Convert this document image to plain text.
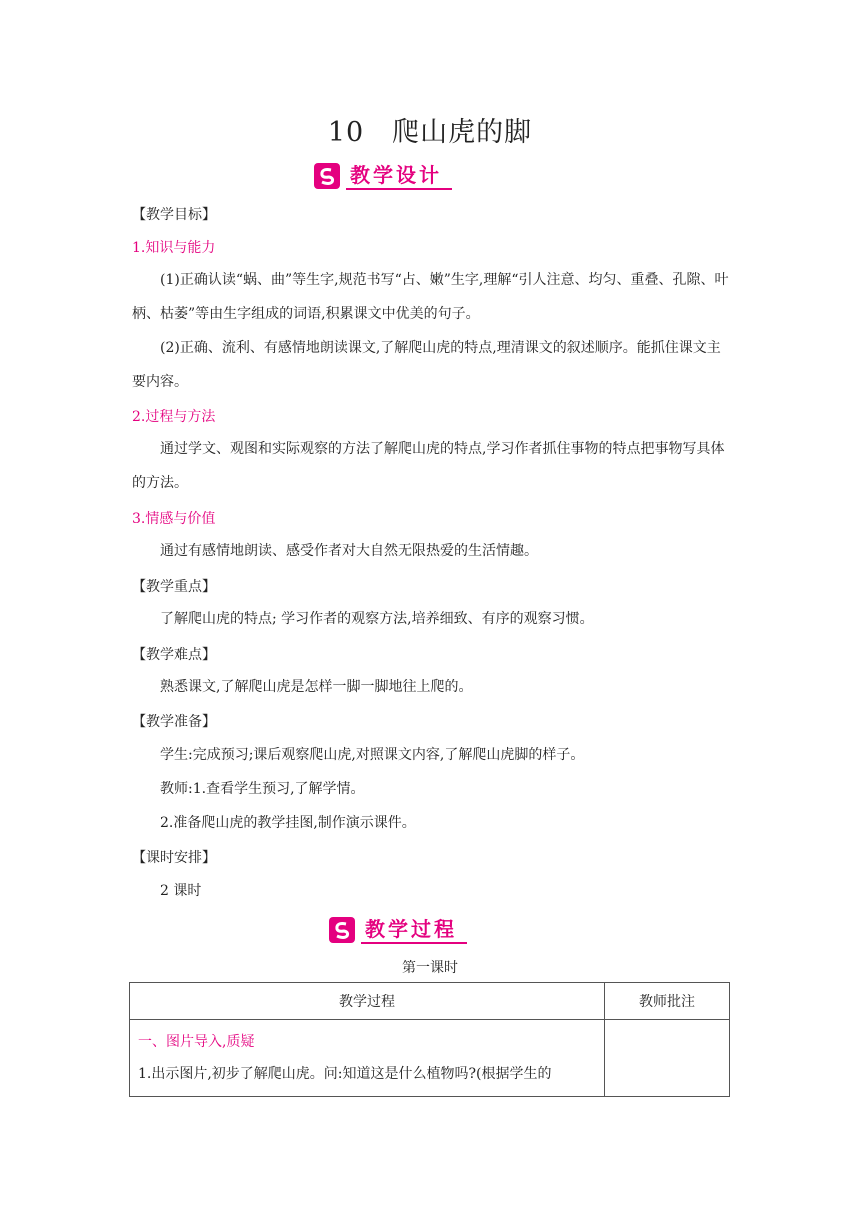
10 爬山虎的脚
教学设计
【教学目标】
1.知识与能力
(1)正确认读“蜗、曲”等生字,规范书写“占、嫩”生字,理解“引人注意、均匀、重叠、孔隙、叶柄、枯萎”等由生字组成的词语,积累课文中优美的句子。
(2)正确、流利、有感情地朗读课文,了解爬山虎的特点,理清课文的叙述顺序。能抓住课文主要内容。
2.过程与方法
通过学文、观图和实际观察的方法了解爬山虎的特点,学习作者抓住事物的特点把事物写具体的方法。
3.情感与价值
通过有感情地朗读、感受作者对大自然无限热爱的生活情趣。
【教学重点】
了解爬山虎的特点; 学习作者的观察方法,培养细致、有序的观察习惯。
【教学难点】
熟悉课文,了解爬山虎是怎样一脚一脚地往上爬的。
【教学准备】
学生:完成预习;课后观察爬山虎,对照课文内容,了解爬山虎脚的样子。
教师:1.查看学生预习,了解学情。
2.准备爬山虎的教学挂图,制作演示课件。
【课时安排】
2 课时
教学过程
第一课时
教学过程	教师批注

一、图片导入,质疑
1.出示图片,初步了解爬山虎。问:知道这是什么植物吗?(根据学生的	
